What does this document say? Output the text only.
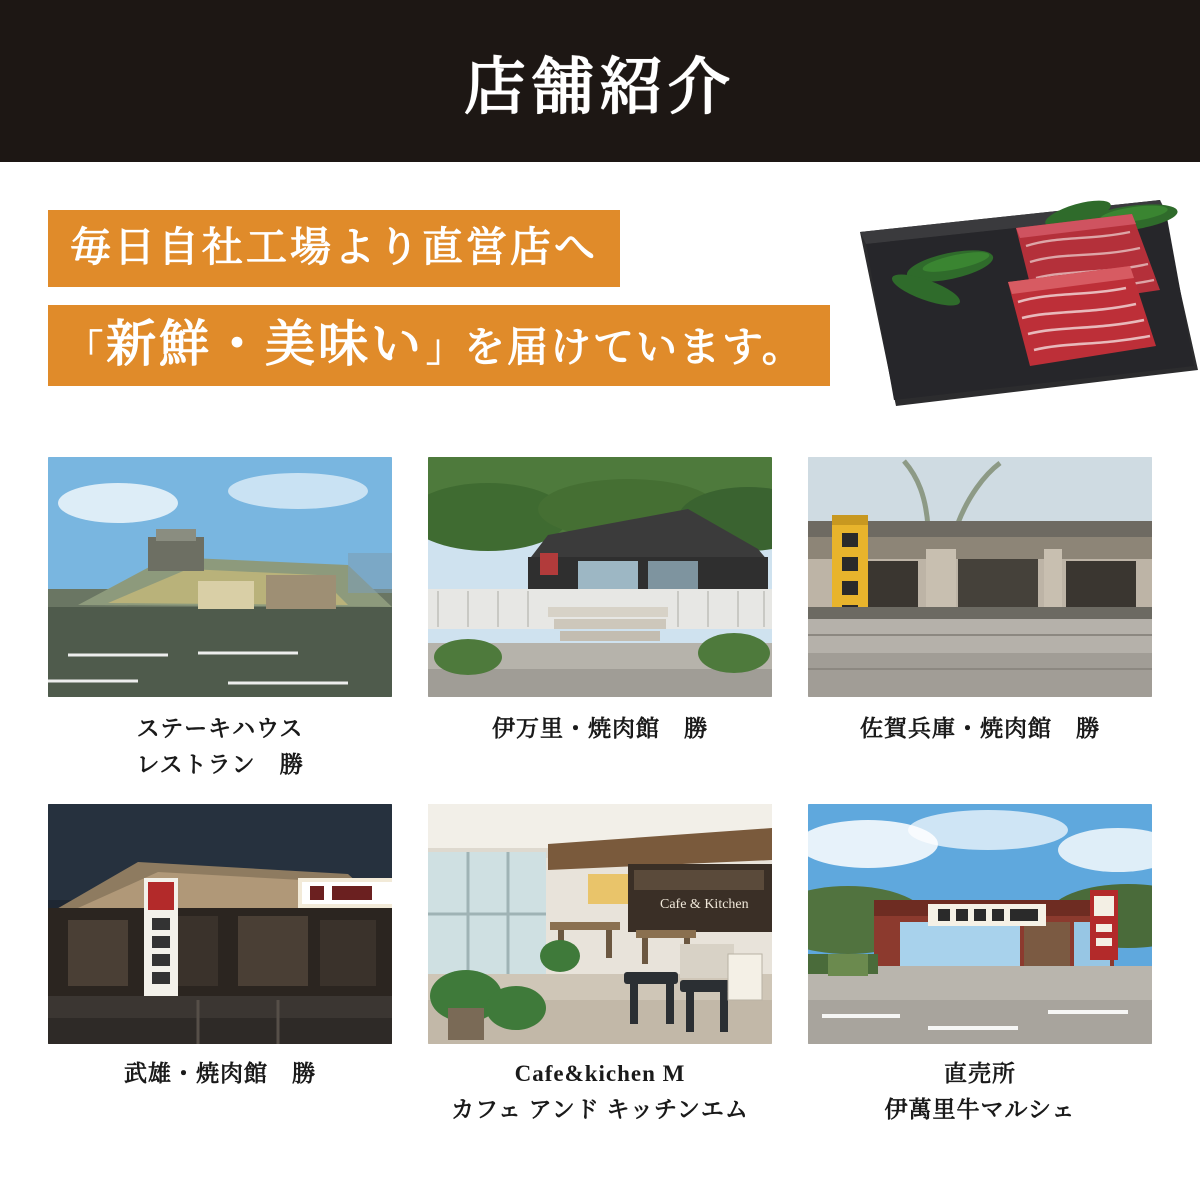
店舗紹介
毎日自社工場より直営店へ
「 新鮮・美味い 」 を届けています。
ステーキハウス
レストラン　勝
伊万里・焼肉館　勝	佐賀兵庫・焼肉館　勝
武雄・焼肉館　勝
Cafe & Kitchen
Cafe&kichen M
カフェ アンド キッチンエム
直売所
伊萬里牛マルシェ
